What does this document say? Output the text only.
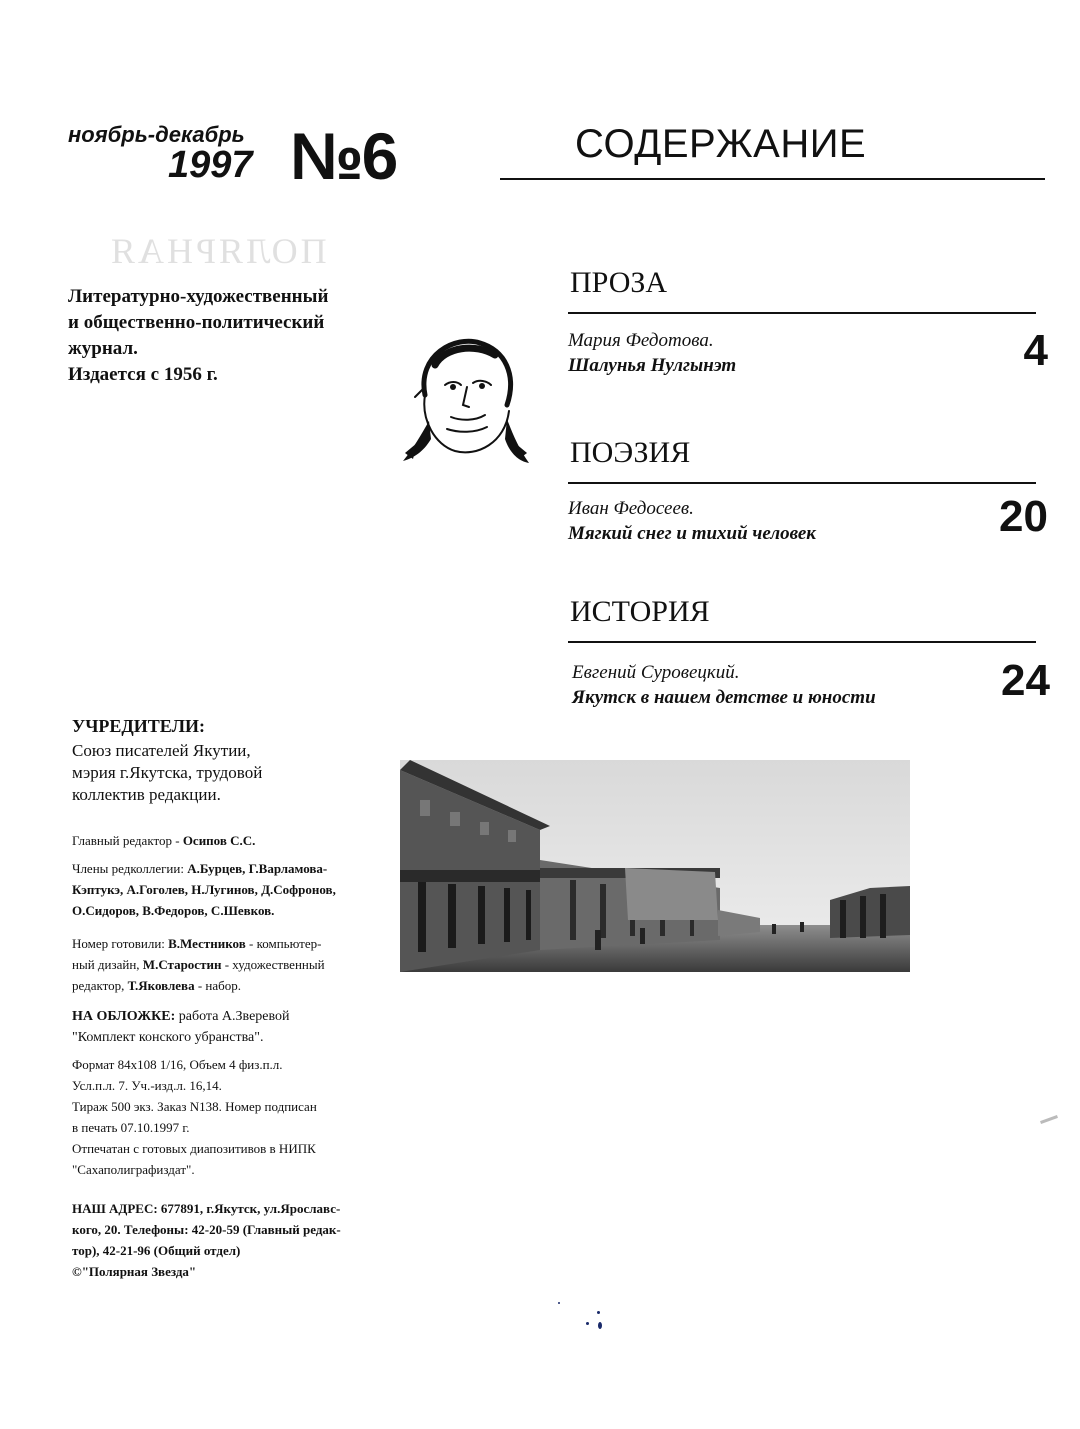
ноябрь-декабрь
1997 №6	СОДЕРЖАНИЕ
ПОЛЯРНАЯ
Литературно-художественный
и общественно-политический
журнал.
Издается с 1956 г.
ПРОЗА
Мария Федотова.
Шалунья Нулгынэт	4
ПОЭЗИЯ
Иван Федосеев.
Мягкий снег и тихий человек	20
ИСТОРИЯ
Евгений Суровецкий.
Якутск в нашем детстве и юности	24
УЧРЕДИТЕЛИ:
Союз писателей Якутии,
мэрия г.Якутска, трудовой
коллектив редакции.
Главный редактор - Осипов С.С.
Члены редколлегии: А.Бурцев, Г.Варламова-
Кэптукэ, А.Гоголев, Н.Лугинов, Д.Софронов,
О.Сидоров, В.Федоров, С.Шевков.
Номер готовили: В.Местников - компьютер-
ный дизайн, М.Старостин - художественный
редактор, Т.Яковлева - набор.
НА ОБЛОЖКЕ: работа А.Зверевой
"Комплект конского убранства".
Формат 84x108 1/16, Объем 4 физ.п.л.
Усл.п.л. 7. Уч.-изд.л. 16,14.
Тираж 500 экз. Заказ N138. Номер подписан
в печать 07.10.1997 г.
Отпечатан с готовых диапозитивов в НИПК
"Сахаполиграфиздат".
НАШ АДРЕС: 677891, г.Якутск, ул.Ярославс-
кого, 20. Телефоны: 42-20-59 (Главный редак-
тор), 42-21-96 (Общий отдел)
©"Полярная Звезда"
